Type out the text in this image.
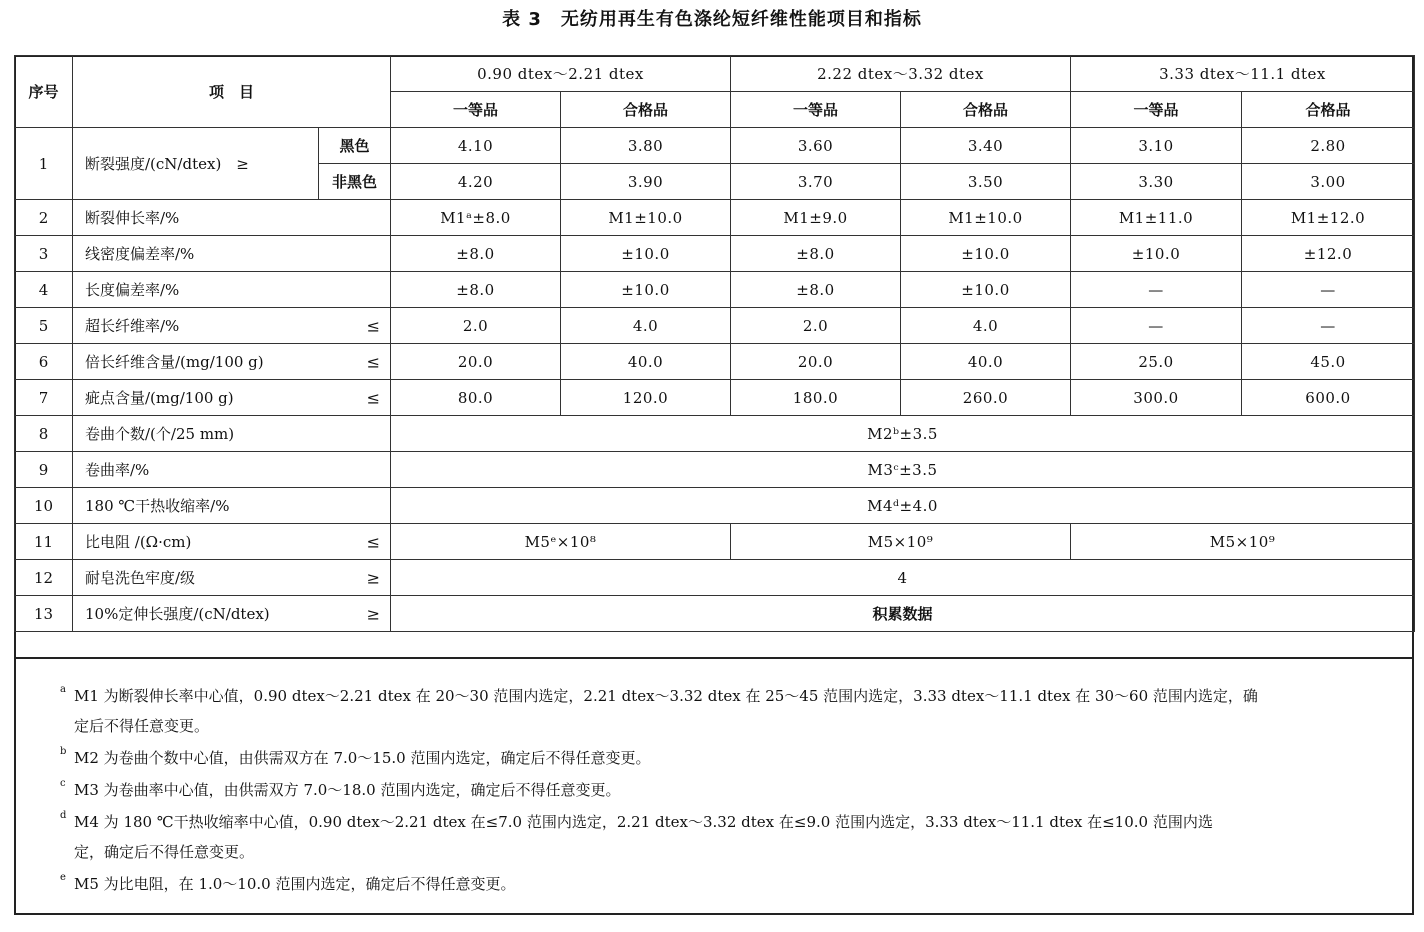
表 3　无纺用再生有色涤纶短纤维性能项目和指标
序号	项　目		0.90 dtex～2.21 dtex		2.22 dtex～3.32 dtex		3.33 dtex～11.1 dtex	
			一等品	合格品	一等品	合格品	一等品	合格品
1	断裂强度/(cN/dtex)　≥	黑色	4.10	3.80	3.60	3.40	3.10	2.80
		非黑色	4.20	3.90	3.70	3.50	3.30	3.00
2	断裂伸长率/%		M1ᵃ±8.0	M1±10.0	M1±9.0	M1±10.0	M1±11.0	M1±12.0
3	线密度偏差率/%		±8.0	±10.0	±8.0	±10.0	±10.0	±12.0
4	长度偏差率/%		±8.0	±10.0	±8.0	±10.0	—	—
5	超长纤维率/% ≤		2.0	4.0	2.0	4.0	—	—
6	倍长纤维含量/(mg/100 g) ≤		20.0	40.0	20.0	40.0	25.0	45.0
7	疵点含量/(mg/100 g) ≤		80.0	120.0	180.0	260.0	300.0	600.0
8	卷曲个数/(个/25 mm)		M2ᵇ±3.5					
9	卷曲率/%		M3ᶜ±3.5					
10	180 ℃干热收缩率/%		M4ᵈ±4.0					
11	比电阻 /(Ω·cm) ≤		M5ᵉ×10⁸		M5×10⁹		M5×10⁹	
12	耐皂洗色牢度/级 ≥		4					
13	10%定伸长强度/(cN/dtex) ≥		积累数据					
a M1 为断裂伸长率中心值，0.90 dtex～2.21 dtex 在 20～30 范围内选定，2.21 dtex～3.32 dtex 在 25～45 范围内选定，3.33 dtex～11.1 dtex 在 30～60 范围内选定，确
定后不得任意变更。
b M2 为卷曲个数中心值，由供需双方在 7.0～15.0 范围内选定，确定后不得任意变更。
c M3 为卷曲率中心值，由供需双方 7.0～18.0 范围内选定，确定后不得任意变更。
d M4 为 180 ℃干热收缩率中心值，0.90 dtex～2.21 dtex 在≤7.0 范围内选定，2.21 dtex～3.32 dtex 在≤9.0 范围内选定，3.33 dtex～11.1 dtex 在≤10.0 范围内选
定，确定后不得任意变更。
e M5 为比电阻，在 1.0～10.0 范围内选定，确定后不得任意变更。
